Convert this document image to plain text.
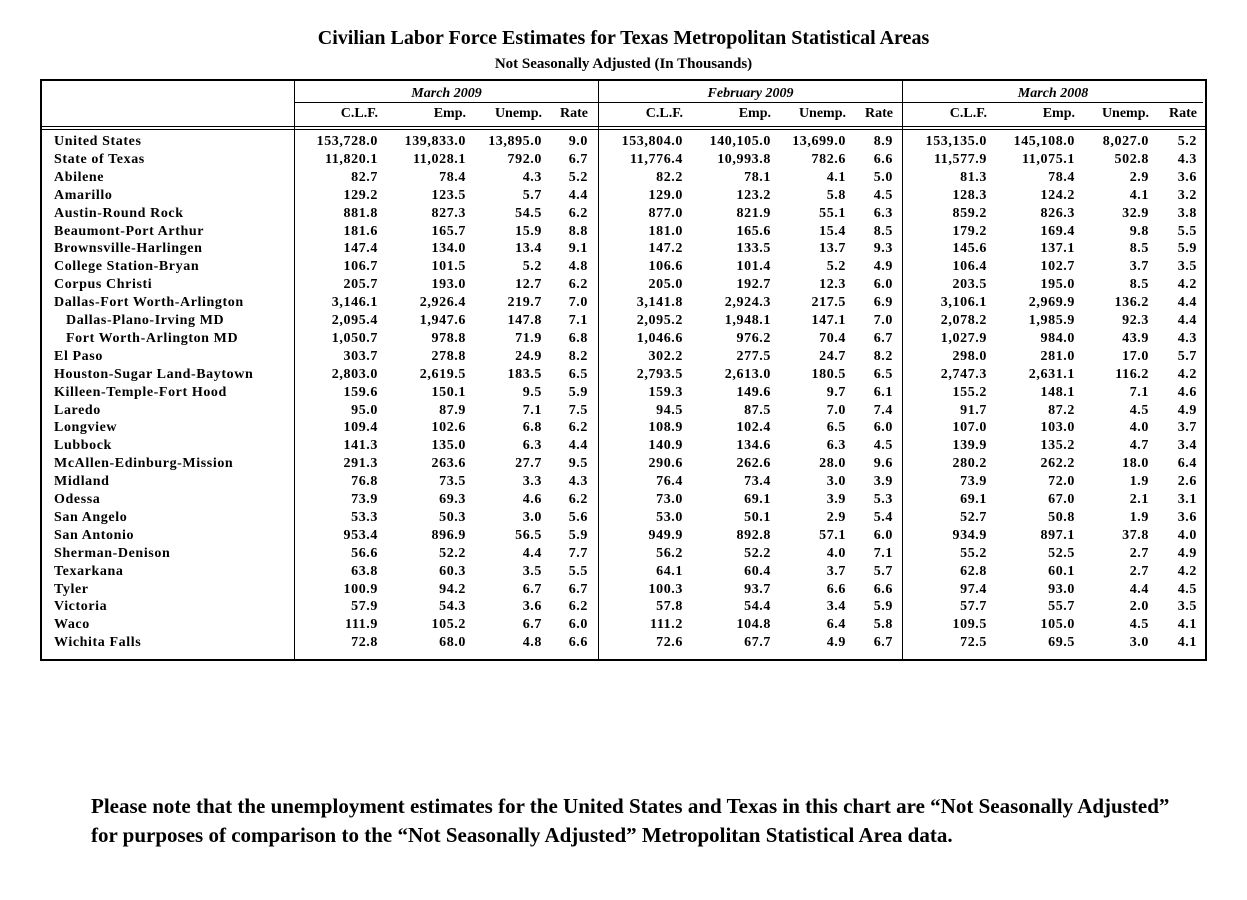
Civilian Labor Force Estimates for Texas Metropolitan Statistical Areas
Not Seasonally Adjusted (In Thousands)
March 2009	February 2009	March 2008
C.L.F.	Emp.	Unemp.	Rate	C.L.F.	Emp.	Unemp.	Rate	C.L.F.	Emp.	Unemp.	Rate
United States	153,728.0	139,833.0	13,895.0	9.0	153,804.0	140,105.0	13,699.0	8.9	153,135.0	145,108.0	8,027.0	5.2
State of Texas	11,820.1	11,028.1	792.0	6.7	11,776.4	10,993.8	782.6	6.6	11,577.9	11,075.1	502.8	4.3
Abilene	82.7	78.4	4.3	5.2	82.2	78.1	4.1	5.0	81.3	78.4	2.9	3.6
Amarillo	129.2	123.5	5.7	4.4	129.0	123.2	5.8	4.5	128.3	124.2	4.1	3.2
Austin-Round Rock	881.8	827.3	54.5	6.2	877.0	821.9	55.1	6.3	859.2	826.3	32.9	3.8
Beaumont-Port Arthur	181.6	165.7	15.9	8.8	181.0	165.6	15.4	8.5	179.2	169.4	9.8	5.5
Brownsville-Harlingen	147.4	134.0	13.4	9.1	147.2	133.5	13.7	9.3	145.6	137.1	8.5	5.9
College Station-Bryan	106.7	101.5	5.2	4.8	106.6	101.4	5.2	4.9	106.4	102.7	3.7	3.5
Corpus Christi	205.7	193.0	12.7	6.2	205.0	192.7	12.3	6.0	203.5	195.0	8.5	4.2
Dallas-Fort Worth-Arlington	3,146.1	2,926.4	219.7	7.0	3,141.8	2,924.3	217.5	6.9	3,106.1	2,969.9	136.2	4.4
Dallas-Plano-Irving MD	2,095.4	1,947.6	147.8	7.1	2,095.2	1,948.1	147.1	7.0	2,078.2	1,985.9	92.3	4.4
Fort Worth-Arlington MD	1,050.7	978.8	71.9	6.8	1,046.6	976.2	70.4	6.7	1,027.9	984.0	43.9	4.3
El Paso	303.7	278.8	24.9	8.2	302.2	277.5	24.7	8.2	298.0	281.0	17.0	5.7
Houston-Sugar Land-Baytown	2,803.0	2,619.5	183.5	6.5	2,793.5	2,613.0	180.5	6.5	2,747.3	2,631.1	116.2	4.2
Killeen-Temple-Fort Hood	159.6	150.1	9.5	5.9	159.3	149.6	9.7	6.1	155.2	148.1	7.1	4.6
Laredo	95.0	87.9	7.1	7.5	94.5	87.5	7.0	7.4	91.7	87.2	4.5	4.9
Longview	109.4	102.6	6.8	6.2	108.9	102.4	6.5	6.0	107.0	103.0	4.0	3.7
Lubbock	141.3	135.0	6.3	4.4	140.9	134.6	6.3	4.5	139.9	135.2	4.7	3.4
McAllen-Edinburg-Mission	291.3	263.6	27.7	9.5	290.6	262.6	28.0	9.6	280.2	262.2	18.0	6.4
Midland	76.8	73.5	3.3	4.3	76.4	73.4	3.0	3.9	73.9	72.0	1.9	2.6
Odessa	73.9	69.3	4.6	6.2	73.0	69.1	3.9	5.3	69.1	67.0	2.1	3.1
San Angelo	53.3	50.3	3.0	5.6	53.0	50.1	2.9	5.4	52.7	50.8	1.9	3.6
San Antonio	953.4	896.9	56.5	5.9	949.9	892.8	57.1	6.0	934.9	897.1	37.8	4.0
Sherman-Denison	56.6	52.2	4.4	7.7	56.2	52.2	4.0	7.1	55.2	52.5	2.7	4.9
Texarkana	63.8	60.3	3.5	5.5	64.1	60.4	3.7	5.7	62.8	60.1	2.7	4.2
Tyler	100.9	94.2	6.7	6.7	100.3	93.7	6.6	6.6	97.4	93.0	4.4	4.5
Victoria	57.9	54.3	3.6	6.2	57.8	54.4	3.4	5.9	57.7	55.7	2.0	3.5
Waco	111.9	105.2	6.7	6.0	111.2	104.8	6.4	5.8	109.5	105.0	4.5	4.1
Wichita Falls	72.8	68.0	4.8	6.6	72.6	67.7	4.9	6.7	72.5	69.5	3.0	4.1
Please note that the unemployment estimates for the United States and Texas in this chart are “Not Seasonally Adjusted” for purposes of comparison to the “Not Seasonally Adjusted” Metropolitan Statistical Area data.
